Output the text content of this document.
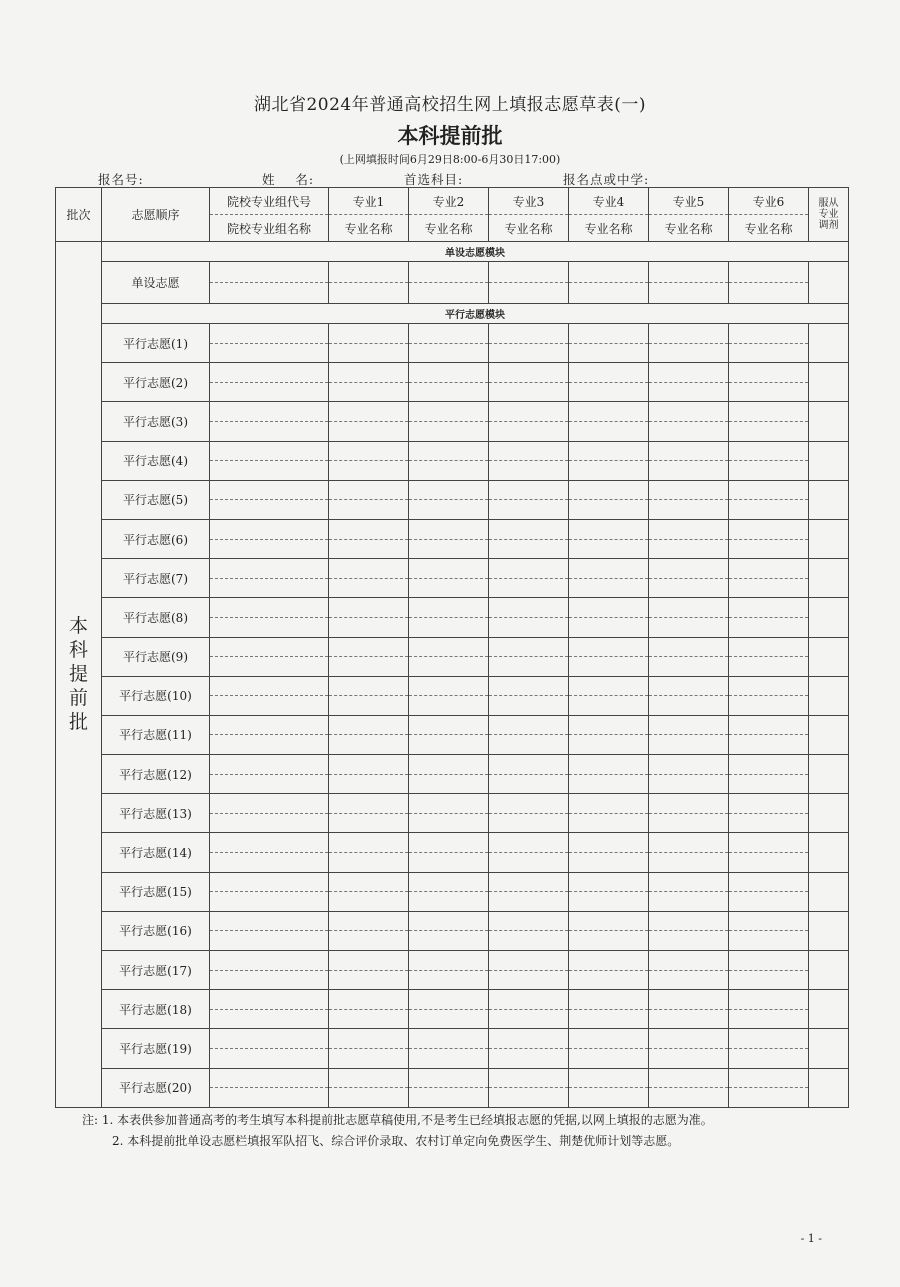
湖北省2024年普通高校招生网上填报志愿草表(一)
本科提前批
(上网填报时间6月29日8:00-6月30日17:00)
报名号:	姓    名:	首选科目:	报名点或中学:
批次	志愿顺序	院校专业组代号	专业1	专业2	专业3	专业4	专业5	专业6	服从
专业
调剂
		院校专业组名称	专业名称	专业名称	专业名称	专业名称	专业名称	专业名称	

本
科
提
前
批	单设志愿模块								
	单设志愿	

	平行志愿模块								
	平行志愿(1)	

	平行志愿(2)	

	平行志愿(3)	

	平行志愿(4)	

	平行志愿(5)	

	平行志愿(6)	

	平行志愿(7)	

	平行志愿(8)	

	平行志愿(9)	

	平行志愿(10)	

	平行志愿(11)	

	平行志愿(12)	

	平行志愿(13)	

	平行志愿(14)	

	平行志愿(15)	

	平行志愿(16)	

	平行志愿(17)	

	平行志愿(18)	

	平行志愿(19)	

	平行志愿(20)	

注: 1. 本表供参加普通高考的考生填写本科提前批志愿草稿使用,不是考生已经填报志愿的凭据,以网上填报的志愿为准。
2. 本科提前批单设志愿栏填报军队招飞、综合评价录取、农村订单定向免费医学生、荆楚优师计划等志愿。
- 1 -
